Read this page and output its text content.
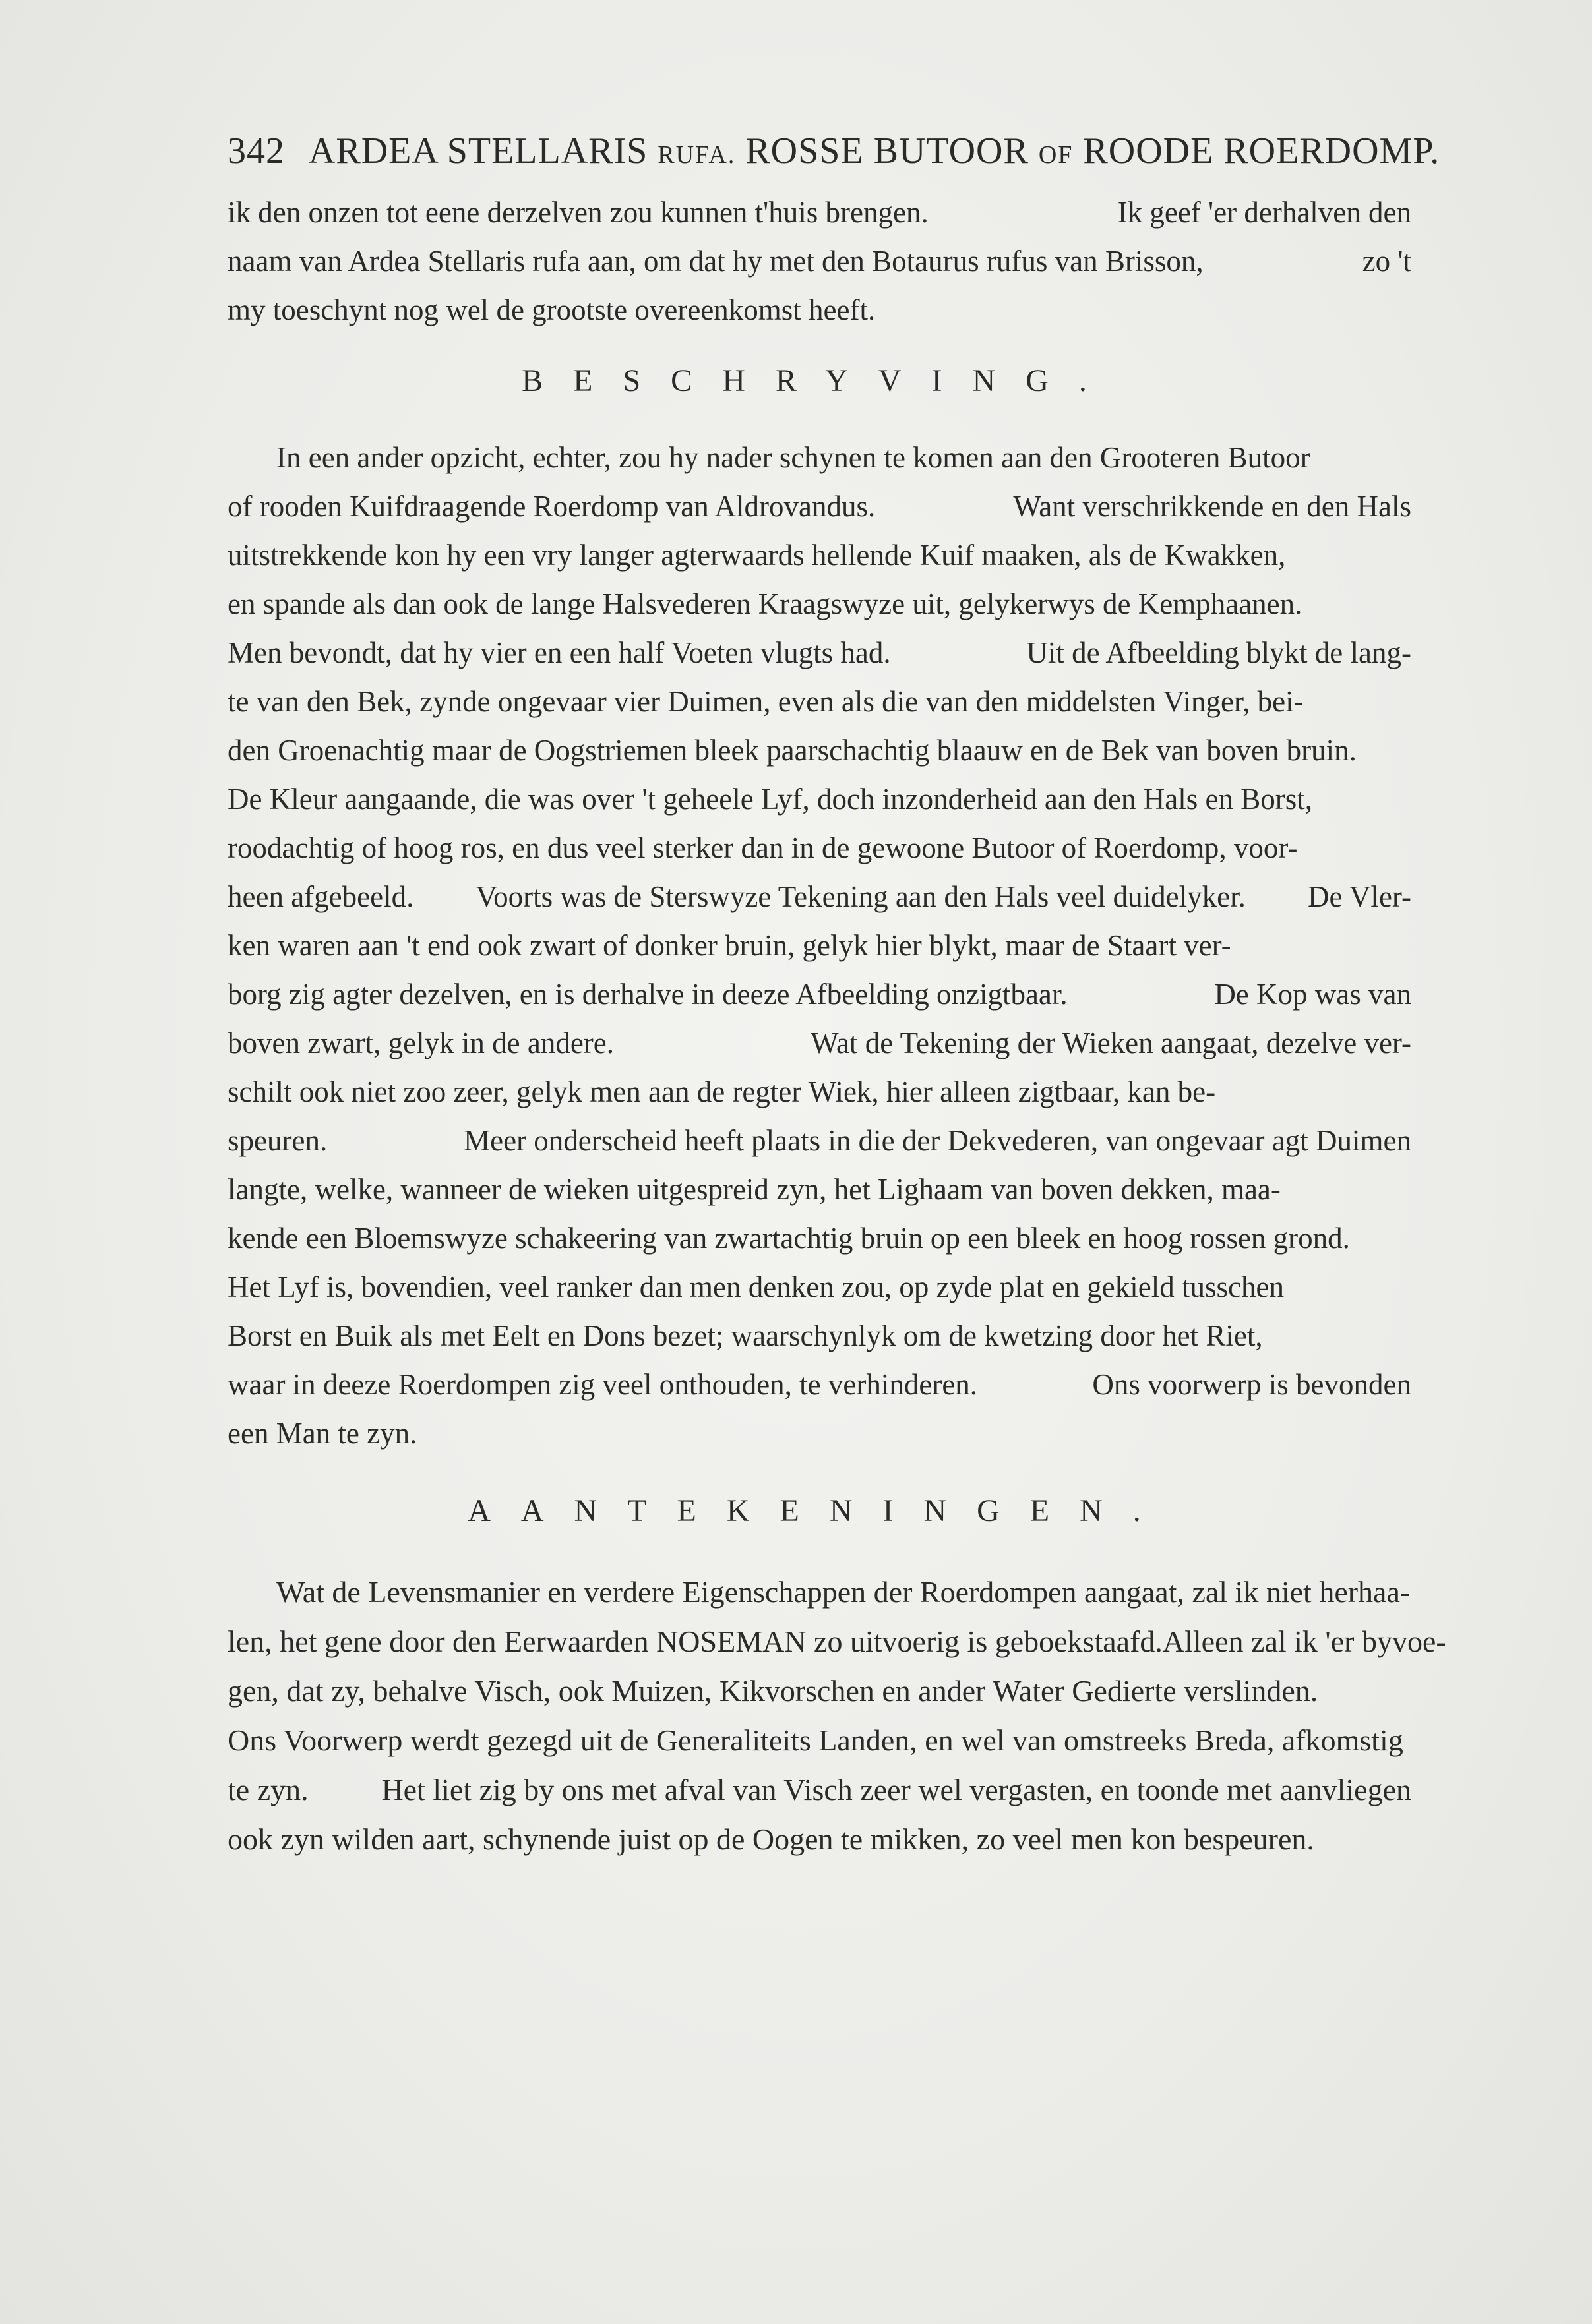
342 ARDEA STELLARIS RUFA. ROSSE BUTOOR OF ROODE ROERDOMP.
ik den onzen tot eene derzelven zou kunnen t'huis brengen.	Ik geef 'er derhalven den
naam van Ardea Stellaris rufa aan, om dat hy met den Botaurus rufus van Brisson,	zo 't
my toeschynt nog wel de grootste overeenkomst heeft.
BESCHRYVING.
In een ander opzicht, echter, zou hy nader schynen te komen aan den Grooteren Butoor
of rooden Kuifdraagende Roerdomp van Aldrovandus.	Want verschrikkende en den Hals
uitstrekkende kon hy een vry langer agterwaards hellende Kuif maaken, als de Kwakken,
en spande als dan ook de lange Halsvederen Kraagswyze uit, gelykerwys de Kemphaanen.
Men bevondt, dat hy vier en een half Voeten vlugts had.	Uit de Afbeelding blykt de lang-
te van den Bek, zynde ongevaar vier Duimen, even als die van den middelsten Vinger, bei-
den Groenachtig maar de Oogstriemen bleek paarschachtig blaauw en de Bek van boven bruin.
De Kleur aangaande, die was over 't geheele Lyf, doch inzonderheid aan den Hals en Borst,
roodachtig of hoog ros, en dus veel sterker dan in de gewoone Butoor of Roerdomp, voor-
heen afgebeeld. Voorts was de Sterswyze Tekening aan den Hals veel duidelyker. De Vler-
ken waren aan 't end ook zwart of donker bruin, gelyk hier blykt, maar de Staart ver-
borg zig agter dezelven, en is derhalve in deeze Afbeelding onzigtbaar.	De Kop was van
boven zwart, gelyk in de andere.	Wat de Tekening der Wieken aangaat, dezelve ver-
schilt ook niet zoo zeer, gelyk men aan de regter Wiek, hier alleen zigtbaar, kan be-
speuren.	Meer onderscheid heeft plaats in die der Dekvederen, van ongevaar agt Duimen
langte, welke, wanneer de wieken uitgespreid zyn, het Lighaam van boven dekken, maa-
kende een Bloemswyze schakeering van zwartachtig bruin op een bleek en hoog rossen grond.
Het Lyf is, bovendien, veel ranker dan men denken zou, op zyde plat en gekield tusschen
Borst en Buik als met Eelt en Dons bezet; waarschynlyk om de kwetzing door het Riet,
waar in deeze Roerdompen zig veel onthouden, te verhinderen.	Ons voorwerp is bevonden
een Man te zyn.
AANTEKENINGEN.
Wat de Levensmanier en verdere Eigenschappen der Roerdompen aangaat, zal ik niet herhaa-
len, het gene door den Eerwaarden NOSEMAN zo uitvoerig is geboekstaafd. Alleen zal ik 'er byvoe-
gen, dat zy, behalve Visch, ook Muizen, Kikvorschen en ander Water Gedierte verslinden.
Ons Voorwerp werdt gezegd uit de Generaliteits Landen, en wel van omstreeks Breda, afkomstig
te zyn. Het liet zig by ons met afval van Visch zeer wel vergasten, en toonde met aanvliegen
ook zyn wilden aart, schynende juist op de Oogen te mikken, zo veel men kon bespeuren.
